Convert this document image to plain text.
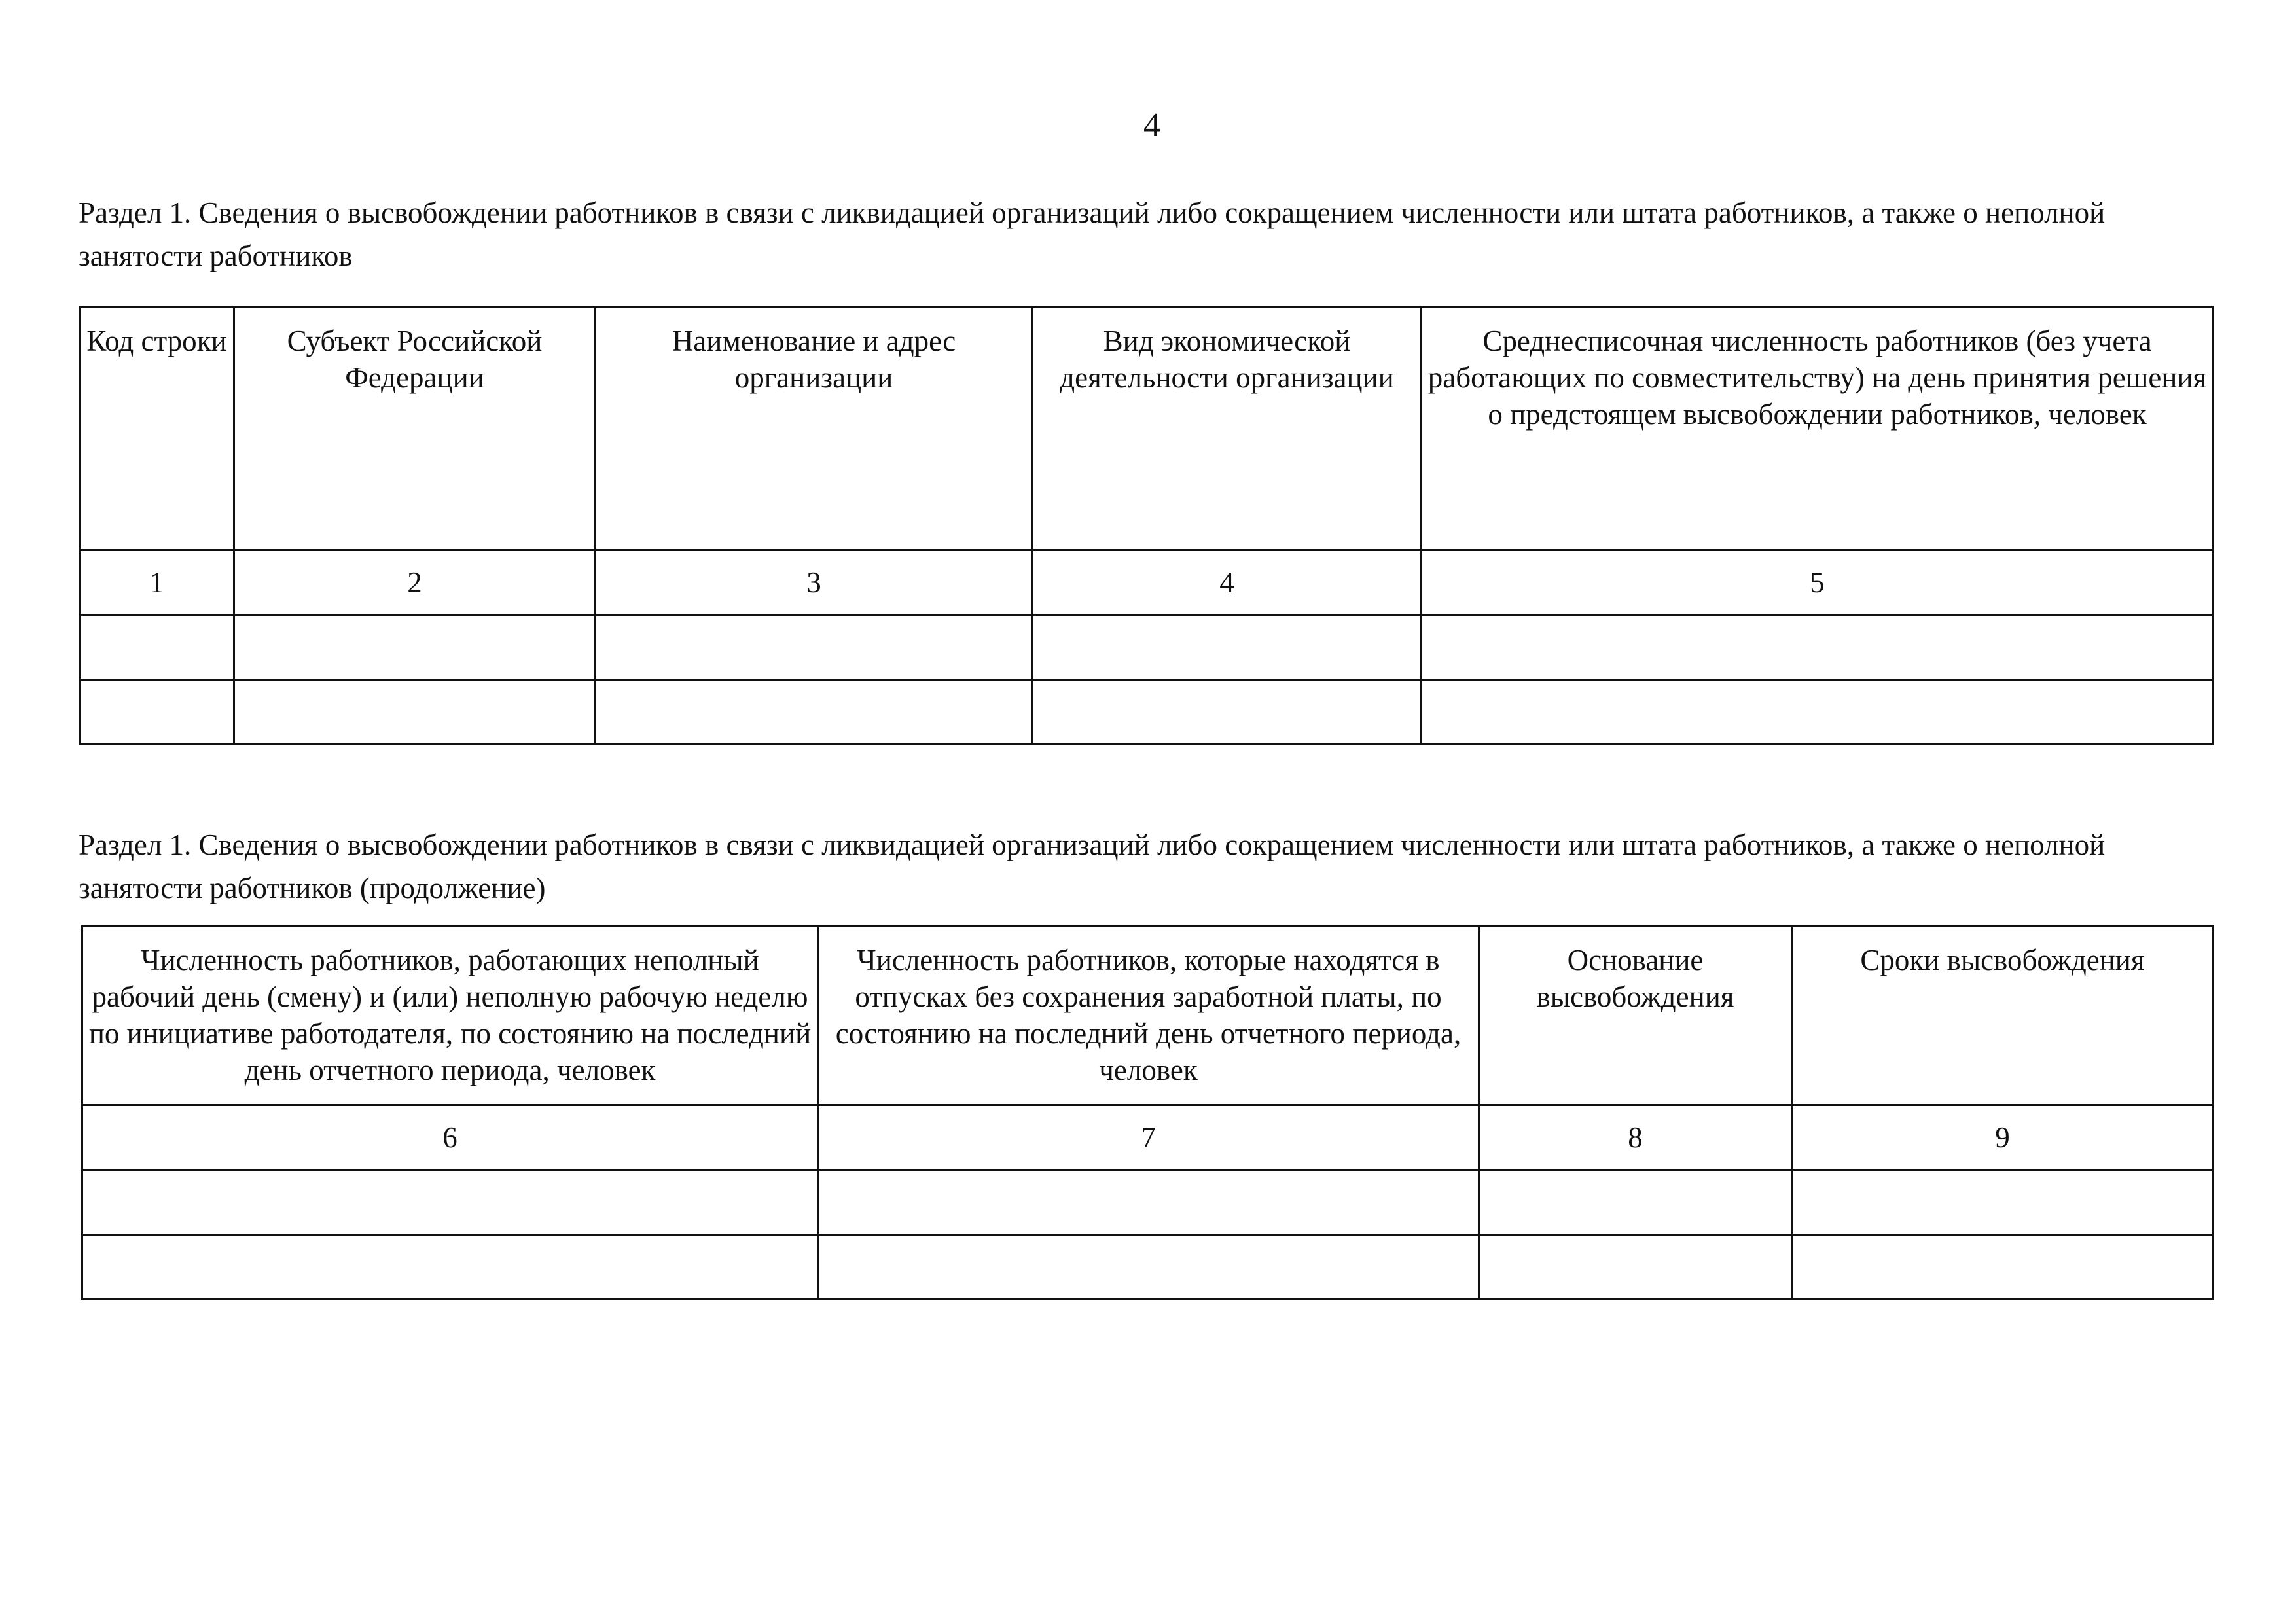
4
Раздел 1. Сведения о высвобождении работников в связи с ликвидацией организаций либо сокращением численности или штата работников, а также о неполной занятости работников
Код строки	Субъект Российской Федерации	Наименование и адрес организации	Вид экономической деятельности организации	Среднесписочная численность работников (без учета работающих по совместительству) на день принятия решения о предстоящем высвобождении работников, человек
1	2	3	4	5

Раздел 1. Сведения о высвобождении работников в связи с ликвидацией организаций либо сокращением численности или штата работников, а также о неполной занятости работников (продолжение)
Численность работников, работающих неполный рабочий день (смену) и (или) неполную рабочую неделю по инициативе работодателя, по состоянию на последний день отчетного периода, человек	Численность работников, которые находятся в отпусках без сохранения заработной платы, по состоянию на последний день отчетного периода, человек	Основание высвобождения	Сроки высвобождения
6	7	8	9
